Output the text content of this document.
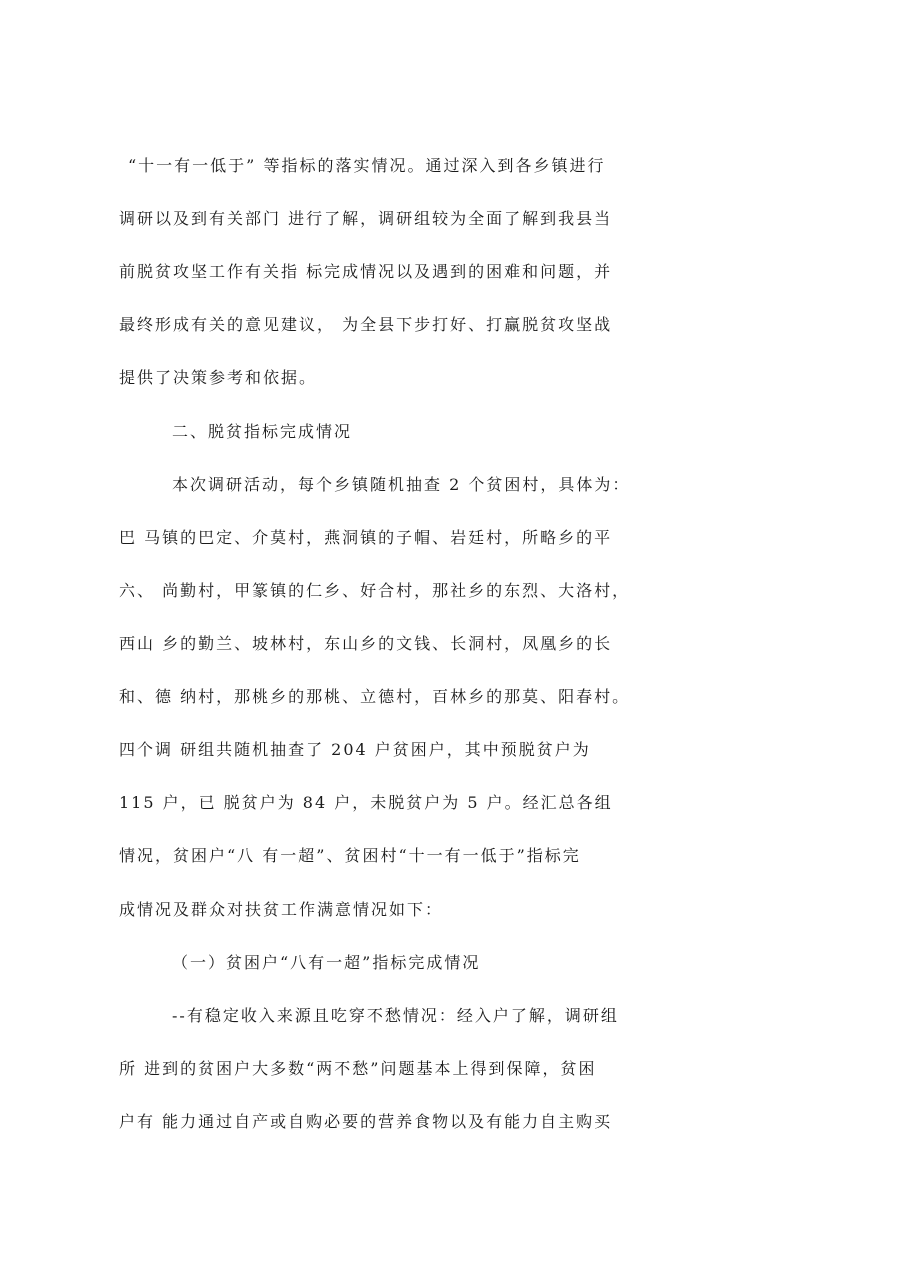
“十一有一低于” 等指标的落实情况。通过深入到各乡镇进行
调研以及到有关部门 进行了解，调研组较为全面了解到我县当
前脱贫攻坚工作有关指 标完成情况以及遇到的困难和问题，并
最终形成有关的意见建议， 为全县下步打好、打赢脱贫攻坚战
提供了决策参考和依据。
二、脱贫指标完成情况
本次调研活动，每个乡镇随机抽查 2 个贫困村，具体为：
巴 马镇的巴定、介莫村，燕洞镇的子帽、岩廷村，所略乡的平
六、 尚勤村，甲篆镇的仁乡、好合村，那社乡的东烈、大洛村，
西山 乡的勤兰、坡林村，东山乡的文钱、长洞村，凤凰乡的长
和、德 纳村，那桃乡的那桃、立德村，百林乡的那莫、阳春村。
四个调 研组共随机抽查了 204 户贫困户，其中预脱贫户为
115 户，已 脱贫户为 84 户，未脱贫户为 5 户。经汇总各组
情况，贫困户“八 有一超”、贫困村“十一有一低于”指标完
成情况及群众对扶贫工作满意情况如下：
（一）贫困户“八有一超”指标完成情况
--有稳定收入来源且吃穿不愁情况：经入户了解，调研组
所 进到的贫困户大多数“两不愁”问题基本上得到保障，贫困
户有 能力通过自产或自购必要的营养食物以及有能力自主购买
